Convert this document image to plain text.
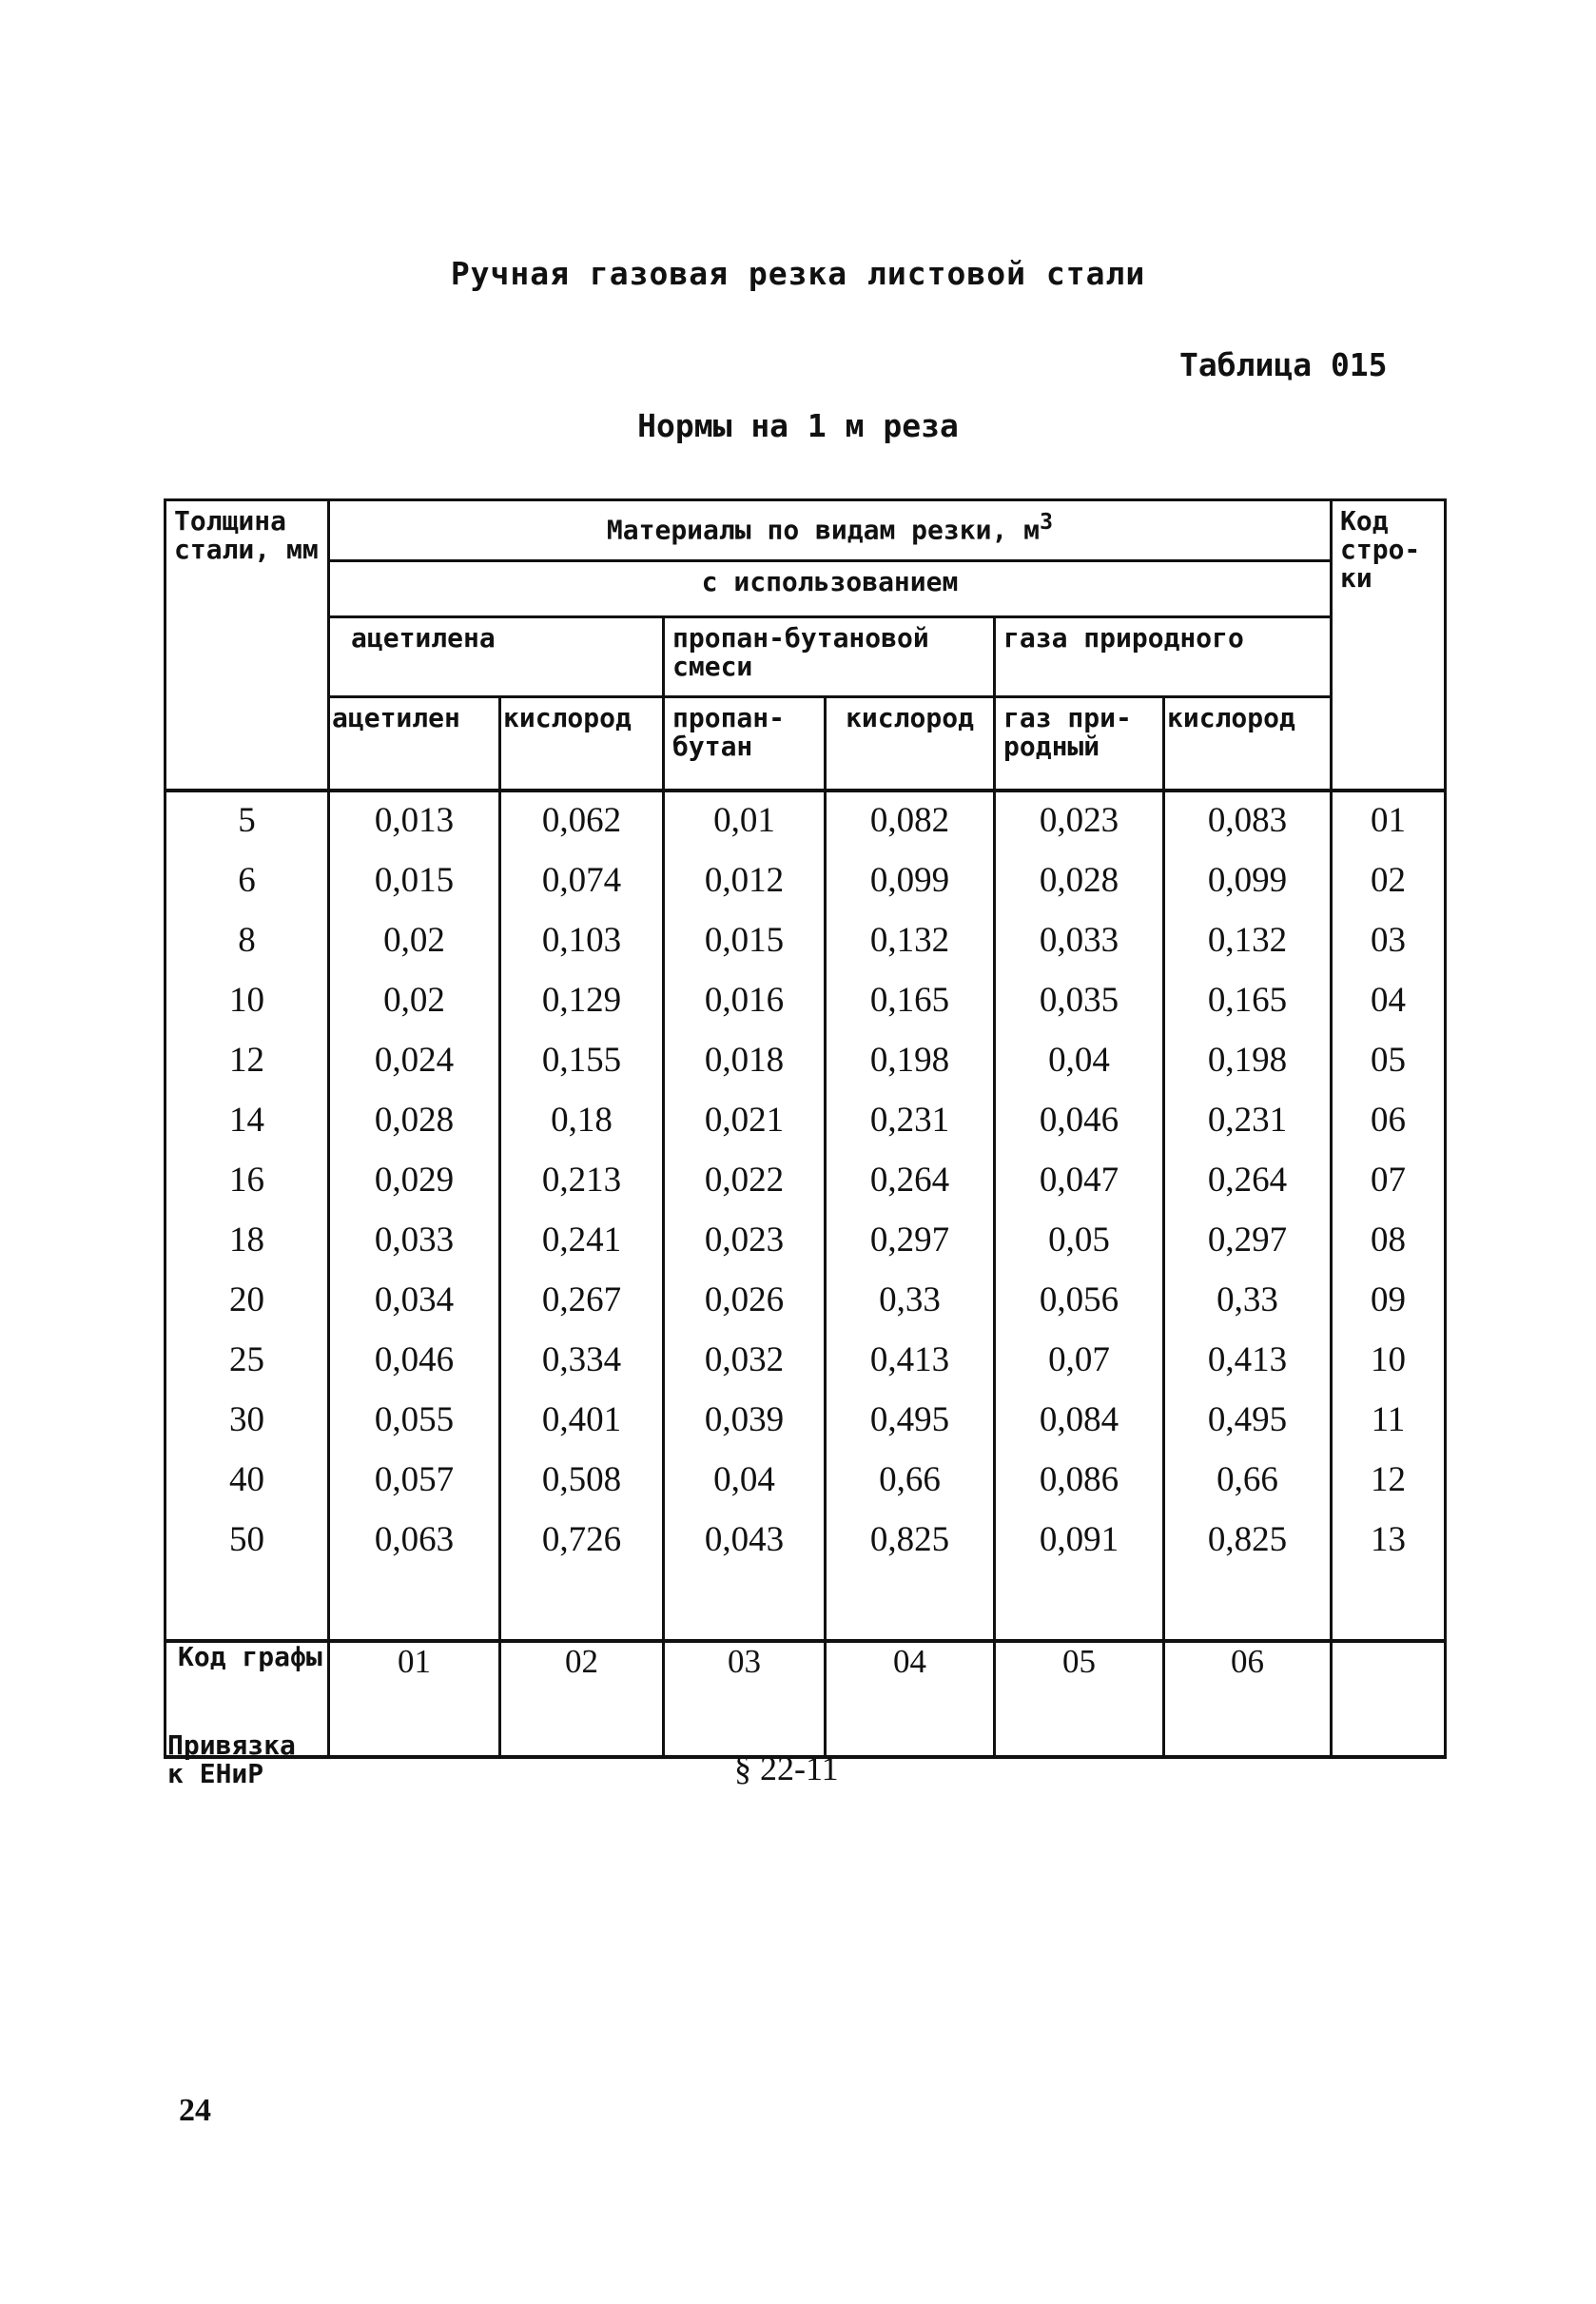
Ручная газовая резка листовой стали
Таблица 015
Нормы на 1 м реза
Толщина стали, мм	Материалы по видам резки, $м^3$						Код стро-ки
	с использованием						
	ацетилена		пропан-бутановой смеси		газа природного		
	ацетилен	кислород	пропан-бутан	кислород	газ при-родный	кислород	
5	0,013	0,062	0,01	0,082	0,023	0,083	01
6	0,015	0,074	0,012	0,099	0,028	0,099	02
8	0,02	0,103	0,015	0,132	0,033	0,132	03
10	0,02	0,129	0,016	0,165	0,035	0,165	04
12	0,024	0,155	0,018	0,198	0,04	0,198	05
14	0,028	0,18	0,021	0,231	0,046	0,231	06
16	0,029	0,213	0,022	0,264	0,047	0,264	07
18	0,033	0,241	0,023	0,297	0,05	0,297	08
20	0,034	0,267	0,026	0,33	0,056	0,33	09
25	0,046	0,334	0,032	0,413	0,07	0,413	10
30	0,055	0,401	0,039	0,495	0,084	0,495	11
40	0,057	0,508	0,04	0,66	0,086	0,66	12
50	0,063	0,726	0,043	0,825	0,091	0,825	13

Код графы	01	02	03	04	05	06	
Привязка к ЕНиР	§ 22-11
24
